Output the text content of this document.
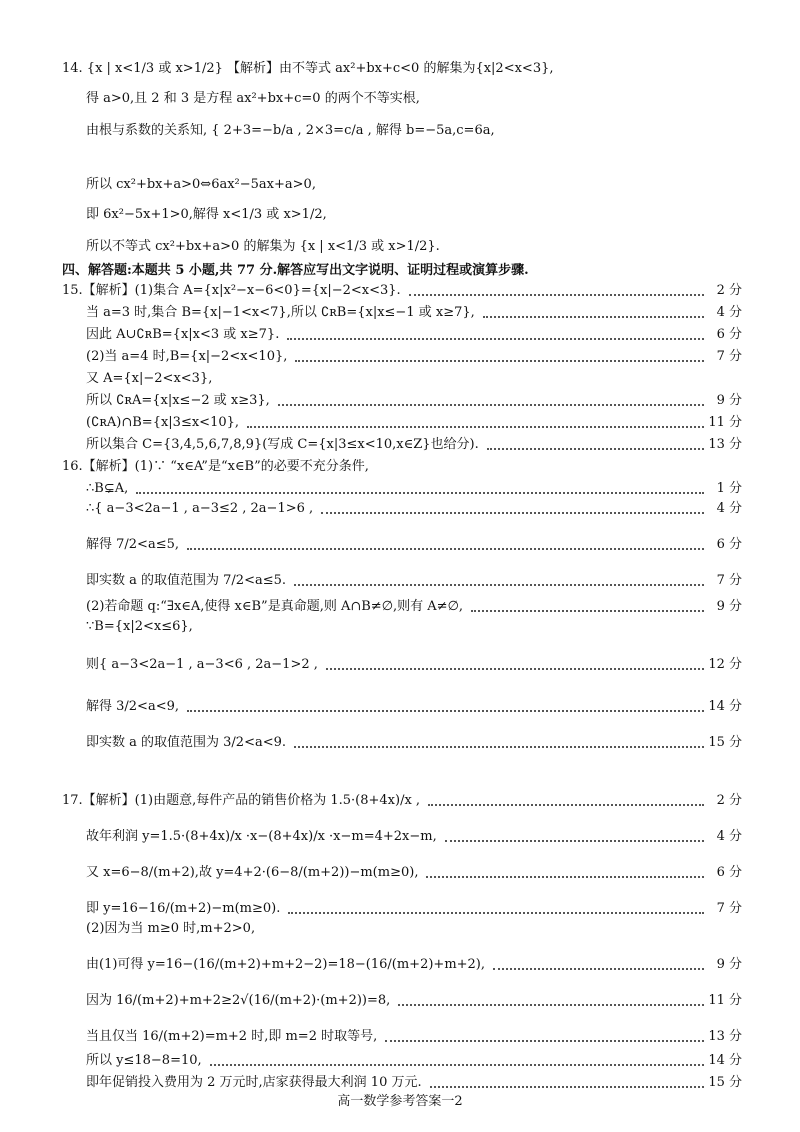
14. {x | x<1/3 或 x>1/2} 【解析】由不等式 ax²+bx+c<0 的解集为{x|2<x<3},
得 a>0,且 2 和 3 是方程 ax²+bx+c=0 的两个不等实根,
由根与系数的关系知, { 2+3=−b/a , 2×3=c/a , 解得 b=−5a,c=6a,
所以 cx²+bx+a>0⇔6ax²−5ax+a>0,
即 6x²−5x+1>0,解得 x<1/3 或 x>1/2,
所以不等式 cx²+bx+a>0 的解集为 {x | x<1/3 或 x>1/2}.
四、解答题:本题共 5 小题,共 77 分.解答应写出文字说明、证明过程或演算步骤.
15.【解析】(1)集合 A={x|x²−x−6<0}={x|−2<x<3}.	2 分
当 a=3 时,集合 B={x|−1<x<7},所以 ∁ʀB={x|x≤−1 或 x≥7},	4 分
因此 A∪∁ʀB={x|x<3 或 x≥7}.	6 分
(2)当 a=4 时,B={x|−2<x<10},	7 分
又 A={x|−2<x<3},
所以 ∁ʀA={x|x≤−2 或 x≥3},	9 分
(∁ʀA)∩B={x|3≤x<10},	11 分
所以集合 C={3,4,5,6,7,8,9}(写成 C={x|3≤x<10,x∈Z}也给分).	13 分
16.【解析】(1)∵ “x∈A”是“x∈B”的必要不充分条件,
∴B⊊A,	1 分
∴{ a−3<2a−1 , a−3≤2 , 2a−1>6 ,	4 分
解得 7/2<a≤5,	6 分
即实数 a 的取值范围为 7/2<a≤5.	7 分
(2)若命题 q:“∃x∈A,使得 x∈B”是真命题,则 A∩B≠∅,则有 A≠∅,	9 分
∵B={x|2<x≤6},
则{ a−3<2a−1 , a−3<6 , 2a−1>2 ,	12 分
解得 3/2<a<9,	14 分
即实数 a 的取值范围为 3/2<a<9.	15 分
17.【解析】(1)由题意,每件产品的销售价格为 1.5·(8+4x)/x ,	2 分
故年利润 y=1.5·(8+4x)/x ·x−(8+4x)/x ·x−m=4+2x−m,	4 分
又 x=6−8/(m+2),故 y=4+2·(6−8/(m+2))−m(m≥0),	6 分
即 y=16−16/(m+2)−m(m≥0).	7 分
(2)因为当 m≥0 时,m+2>0,
由(1)可得 y=16−(16/(m+2)+m+2−2)=18−(16/(m+2)+m+2),	9 分
因为 16/(m+2)+m+2≥2√(16/(m+2)·(m+2))=8,	11 分
当且仅当 16/(m+2)=m+2 时,即 m=2 时取等号,	13 分
所以 y≤18−8=10,	14 分
即年促销投入费用为 2 万元时,店家获得最大利润 10 万元.	15 分
高一数学参考答案一2
